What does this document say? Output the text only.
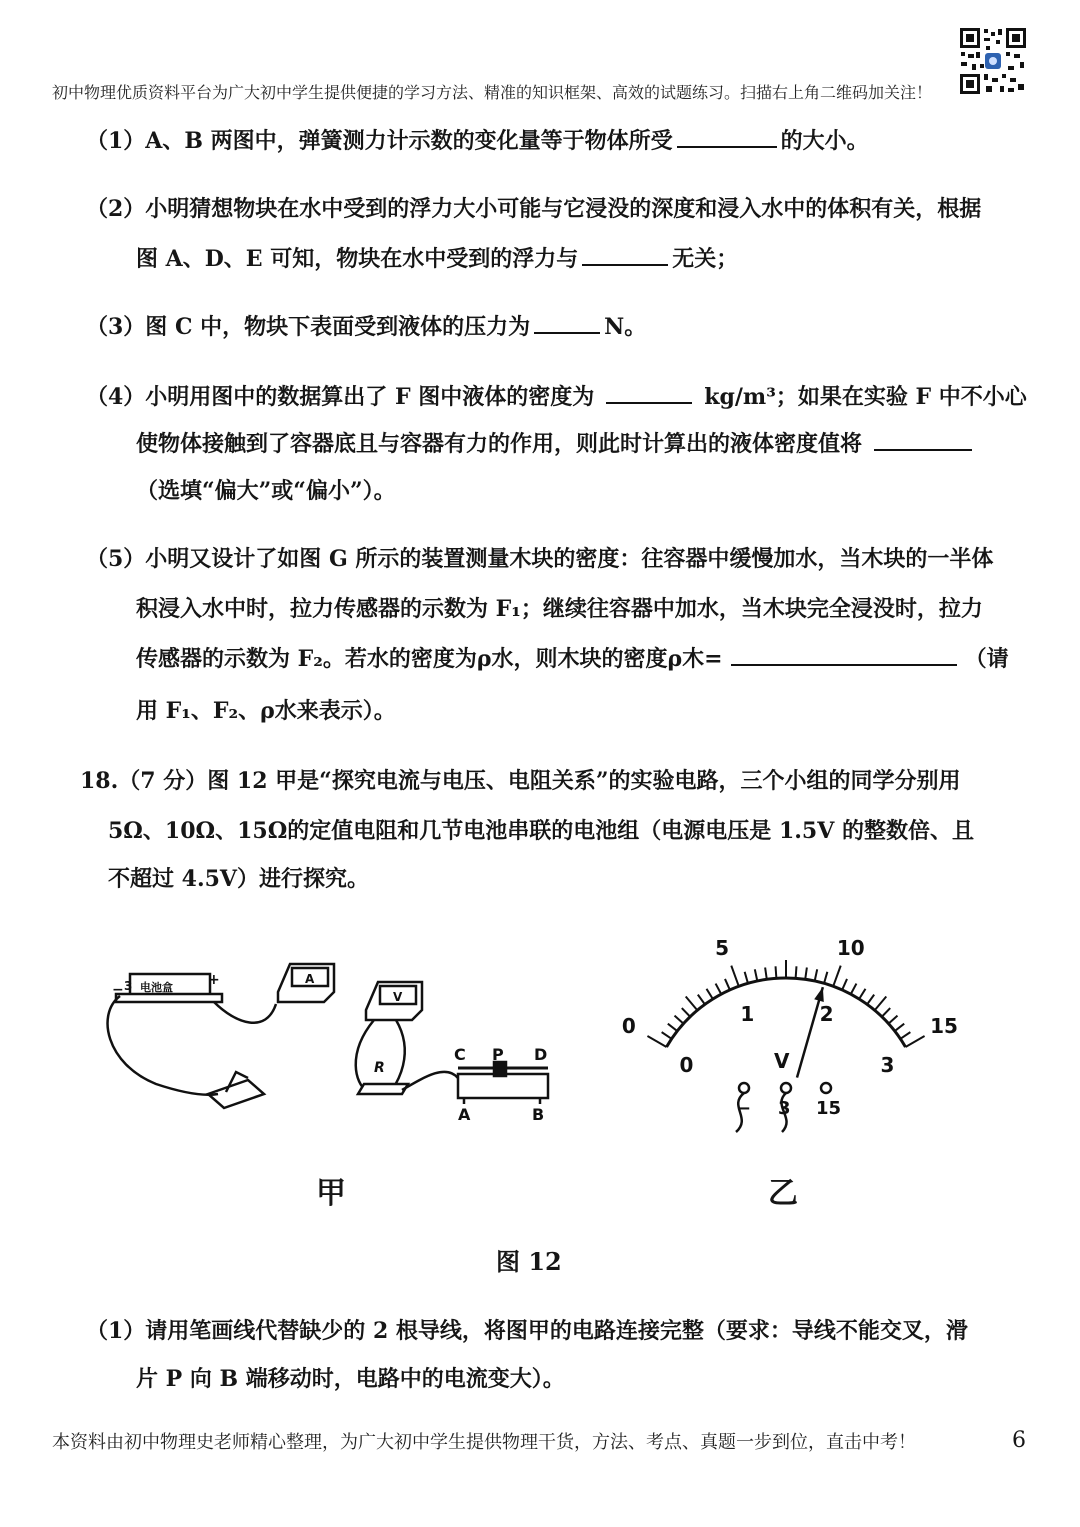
初中物理优质资料平台为广大初中学生提供便捷的学习方法、精准的知识框架、高效的试题练习。扫描右上角二维码加关注！
（1）A、B 两图中，弹簧测力计示数的变化量等于物体所受	的大小。
（2）小明猜想物块在水中受到的浮力大小可能与它浸没的深度和浸入水中的体积有关，根据
图 A、D、E 可知，物块在水中受到的浮力与	无关；
（3）图 C 中，物块下表面受到液体的压力为	N。
（4）小明用图中的数据算出了 F 图中液体的密度为	kg/m³；如果在实验 F 中不小心
使物体接触到了容器底且与容器有力的作用，则此时计算出的液体密度值将
（选填“偏大”或“偏小”）。
（5）小明又设计了如图 G 所示的装置测量木块的密度：往容器中缓慢加水，当木块的一半体
积浸入水中时，拉力传感器的示数为 F₁；继续往容器中加水，当木块完全浸没时，拉力
传感器的示数为 F₂。若水的密度为ρ水，则木块的密度ρ木=	（请
用 F₁、F₂、ρ水来表示）。
18.（7 分）图 12 甲是“探究电流与电压、电阻关系”的实验电路，三个小组的同学分别用
5Ω、10Ω、15Ω的定值电阻和几节电池串联的电池组（电源电压是 1.5V 的整数倍、且
不超过 4.5V）进行探究。
电池盒
3
−
+	A
V
R
C P D
A	B
甲
0
5	10
15
0
1	2
3
V
− 3 15
乙
图 12
（1）请用笔画线代替缺少的 2 根导线，将图甲的电路连接完整（要求：导线不能交叉，滑
片 P 向 B 端移动时，电路中的电流变大）。
本资料由初中物理史老师精心整理，为广大初中学生提供物理干货，方法、考点、真题一步到位，直击中考！	6
